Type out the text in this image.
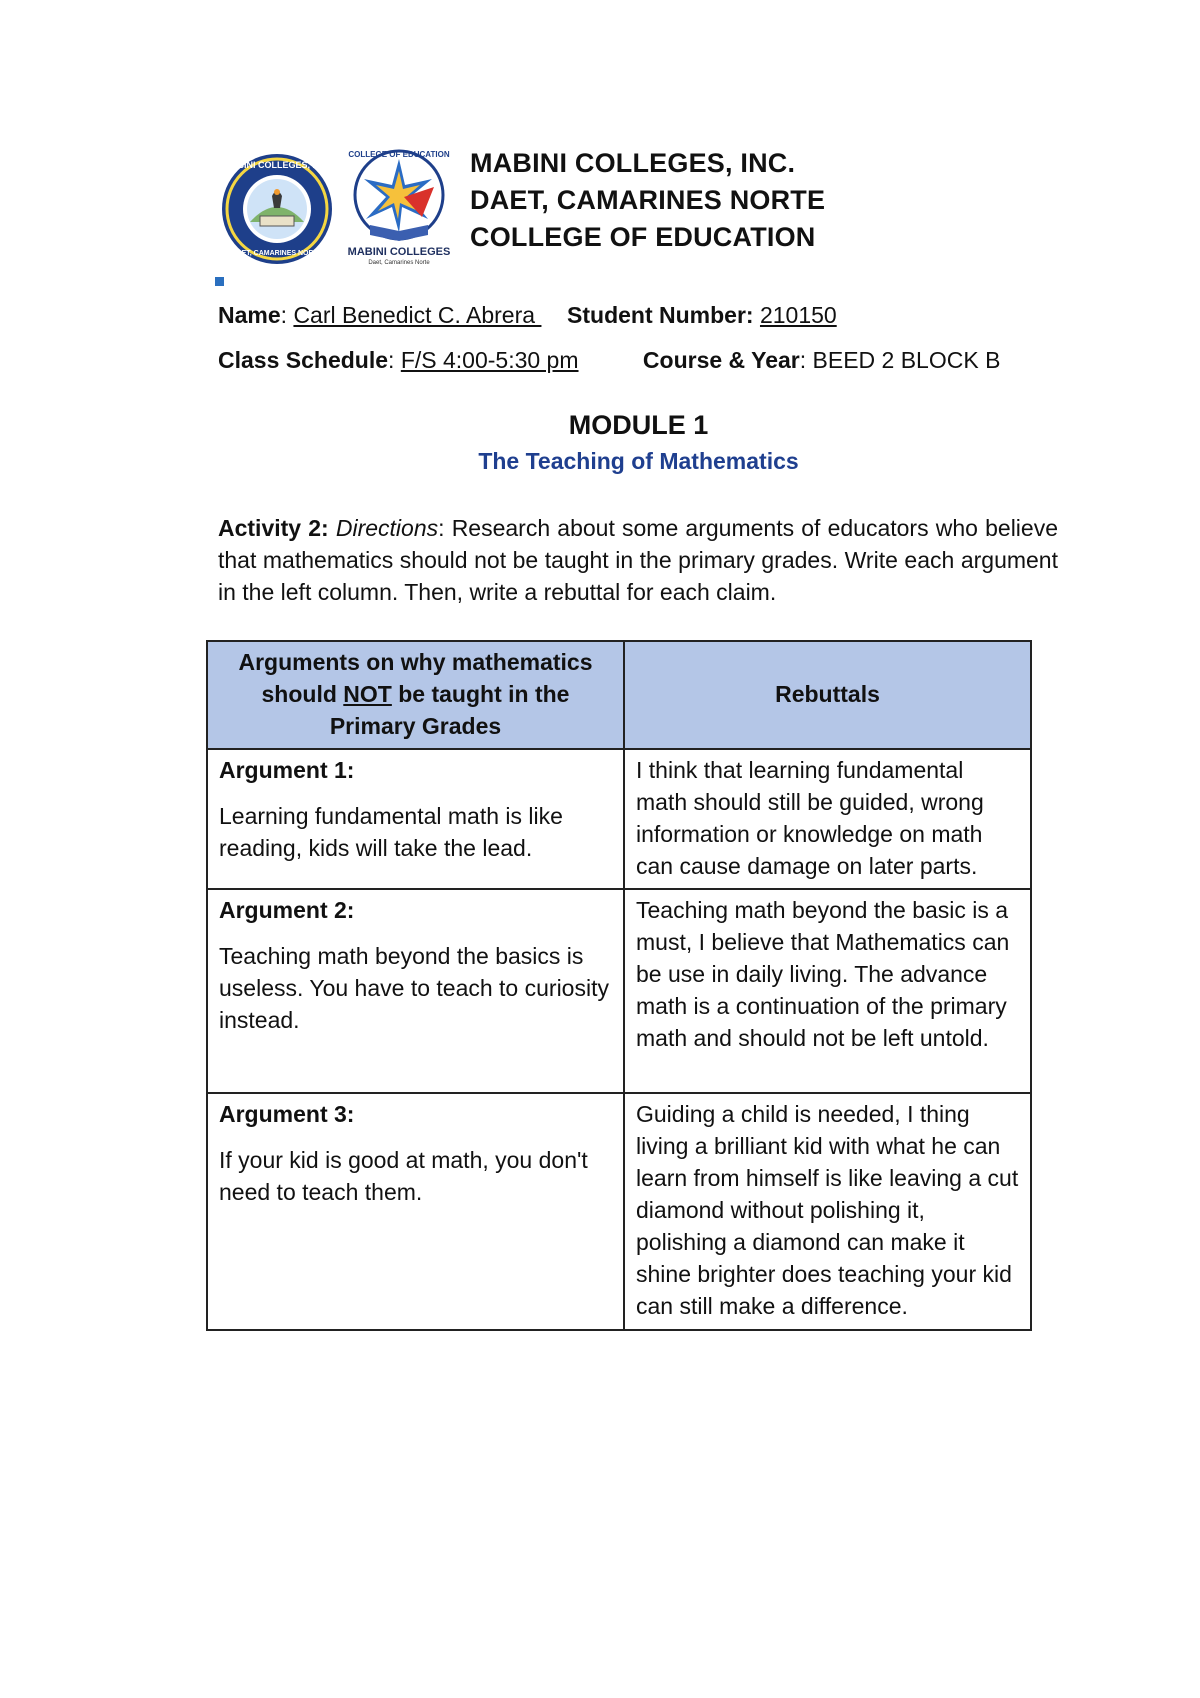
MABINI COLLEGES, INC.
DAET, CAMARINES NORTE
COLLEGE OF EDUCATION
MABINI COLLEGES
Daet, Camarines Norte
MABINI COLLEGES, INC.
DAET, CAMARINES NORTE
COLLEGE OF EDUCATION
Name: Carl Benedict C. Abrera     Student Number: 210150
Class Schedule: F/S 4:00-5:30 pm	Course & Year: BEED 2 BLOCK B
MODULE 1
The Teaching of Mathematics
Activity 2: Directions: Research about some arguments of educators who believe that mathematics should not be taught in the primary grades. Write each argument in the left column. Then, write a rebuttal for each claim.
Arguments on why mathematics should NOT be taught in the Primary Grades	Rebuttals

Argument 1:
Learning fundamental math is like reading, kids will take the lead.	I think that learning fundamental math should still be guided, wrong information or knowledge on math can cause damage on later parts.

Argument 2:
Teaching math beyond the basics is useless. You have to teach to curiosity instead.	Teaching math beyond the basic is a must, I believe that Mathematics can be use in daily living. The advance math is a continuation of the primary math and should not be left untold.

Argument 3:
If your kid is good at math, you don't need to teach them.	Guiding a child is needed, I thing living a brilliant kid with what he can learn from himself is like leaving a cut diamond without polishing it, polishing a diamond can make it shine brighter does teaching your kid can still make a difference.
